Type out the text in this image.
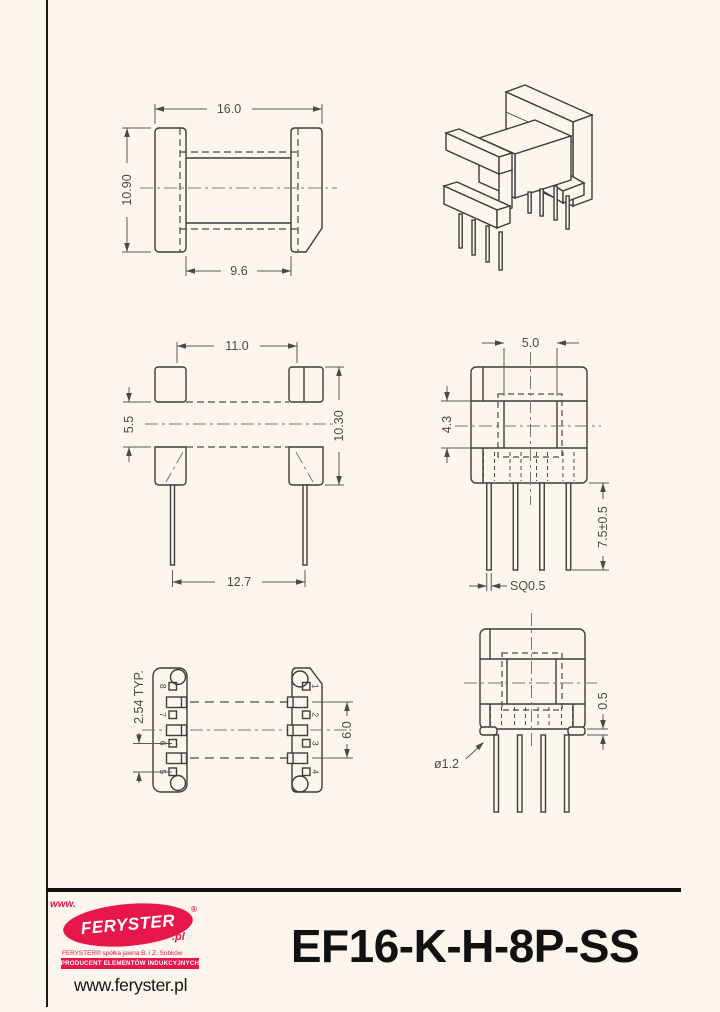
16.0
10.90
9.6
11.0
5.5	10.30
12.7
5.0
4.3
7.5±0.5
SQ0.5
8
7
6
5
1
2
3
4
2.54 TYP.
6.0
0.5
ø1.2
www.
FERYSTER
®
.pl
FERYSTER® spółka jawna B. i Z. Sobków
PRODUCENT ELEMENTÓW INDUKCYJNYCH
www.feryster.pl
EF16-K-H-8P-SS
